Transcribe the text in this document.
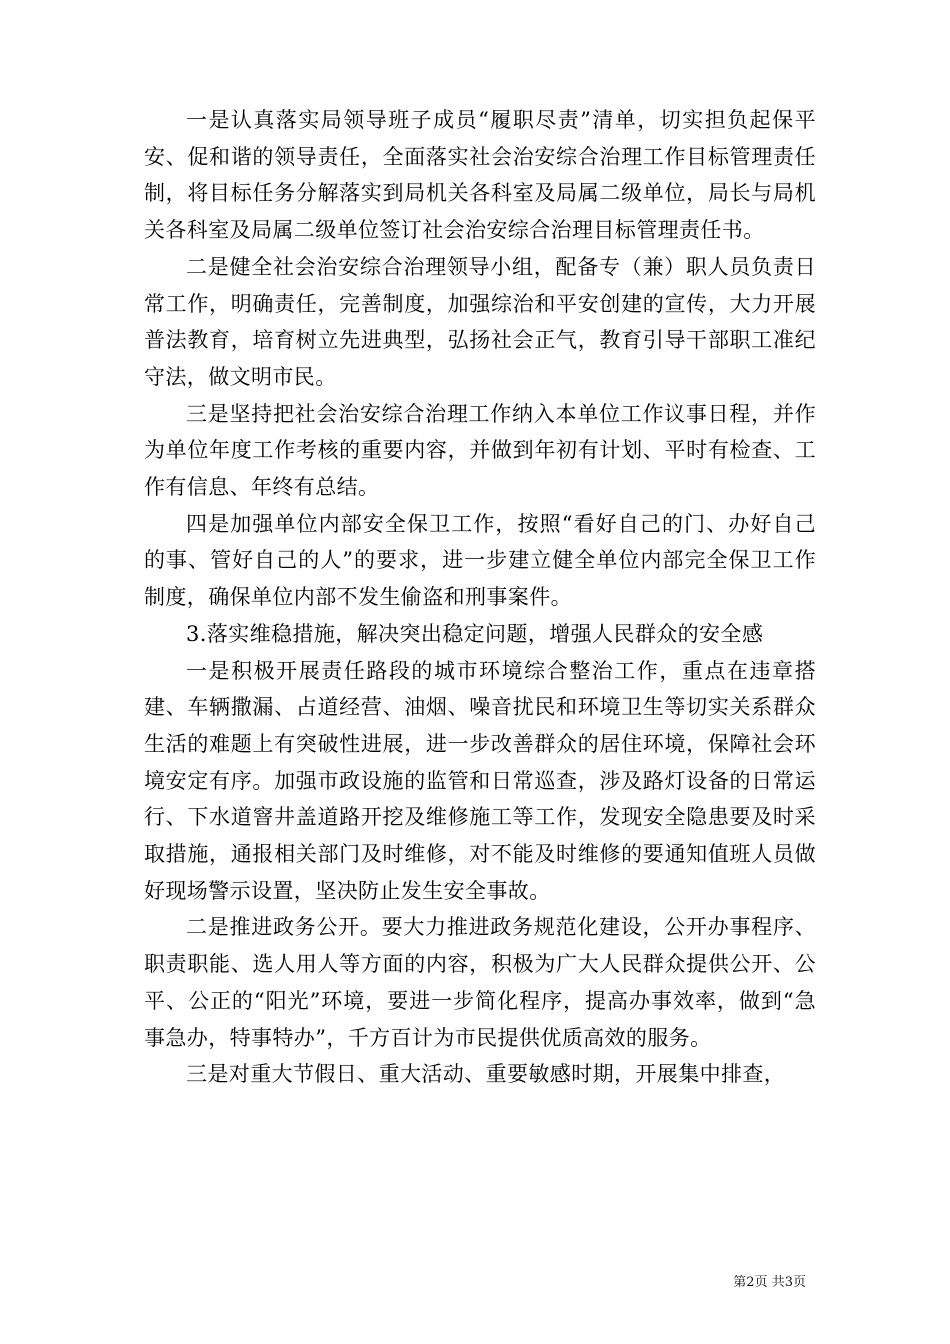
一是认真落实局领导班子成员“履职尽责”清单，切实担负起保平安、促和谐的领导责任，全面落实社会治安综合治理工作目标管理责任制，将目标任务分解落实到局机关各科室及局属二级单位，局长与局机关各科室及局属二级单位签订社会治安综合治理目标管理责任书。

二是健全社会治安综合治理领导小组，配备专（兼）职人员负责日常工作，明确责任，完善制度，加强综治和平安创建的宣传，大力开展普法教育，培育树立先进典型，弘扬社会正气，教育引导干部职工准纪守法，做文明市民。

三是坚持把社会治安综合治理工作纳入本单位工作议事日程，并作为单位年度工作考核的重要内容，并做到年初有计划、平时有检查、工作有信息、年终有总结。

四是加强单位内部安全保卫工作，按照“看好自己的门、办好自己的事、管好自己的人”的要求，进一步建立健全单位内部完全保卫工作制度，确保单位内部不发生偷盗和刑事案件。

3.落实维稳措施，解决突出稳定问题，增强人民群众的安全感

一是积极开展责任路段的城市环境综合整治工作，重点在违章搭建、车辆撒漏、占道经营、油烟、噪音扰民和环境卫生等切实关系群众生活的难题上有突破性进展，进一步改善群众的居住环境，保障社会环境安定有序。加强市政设施的监管和日常巡查，涉及路灯设备的日常运行、下水道窨井盖道路开挖及维修施工等工作，发现安全隐患要及时采取措施，通报相关部门及时维修，对不能及时维修的要通知值班人员做好现场警示设置，坚决防止发生安全事故。

二是推进政务公开。要大力推进政务规范化建设，公开办事程序、职责职能、选人用人等方面的内容，积极为广大人民群众提供公开、公平、公正的“阳光”环境，要进一步简化程序，提高办事效率，做到“急事急办，特事特办”，千方百计为市民提供优质高效的服务。

三是对重大节假日、重大活动、重要敏感时期，开展集中排查，

第2页 共3页
